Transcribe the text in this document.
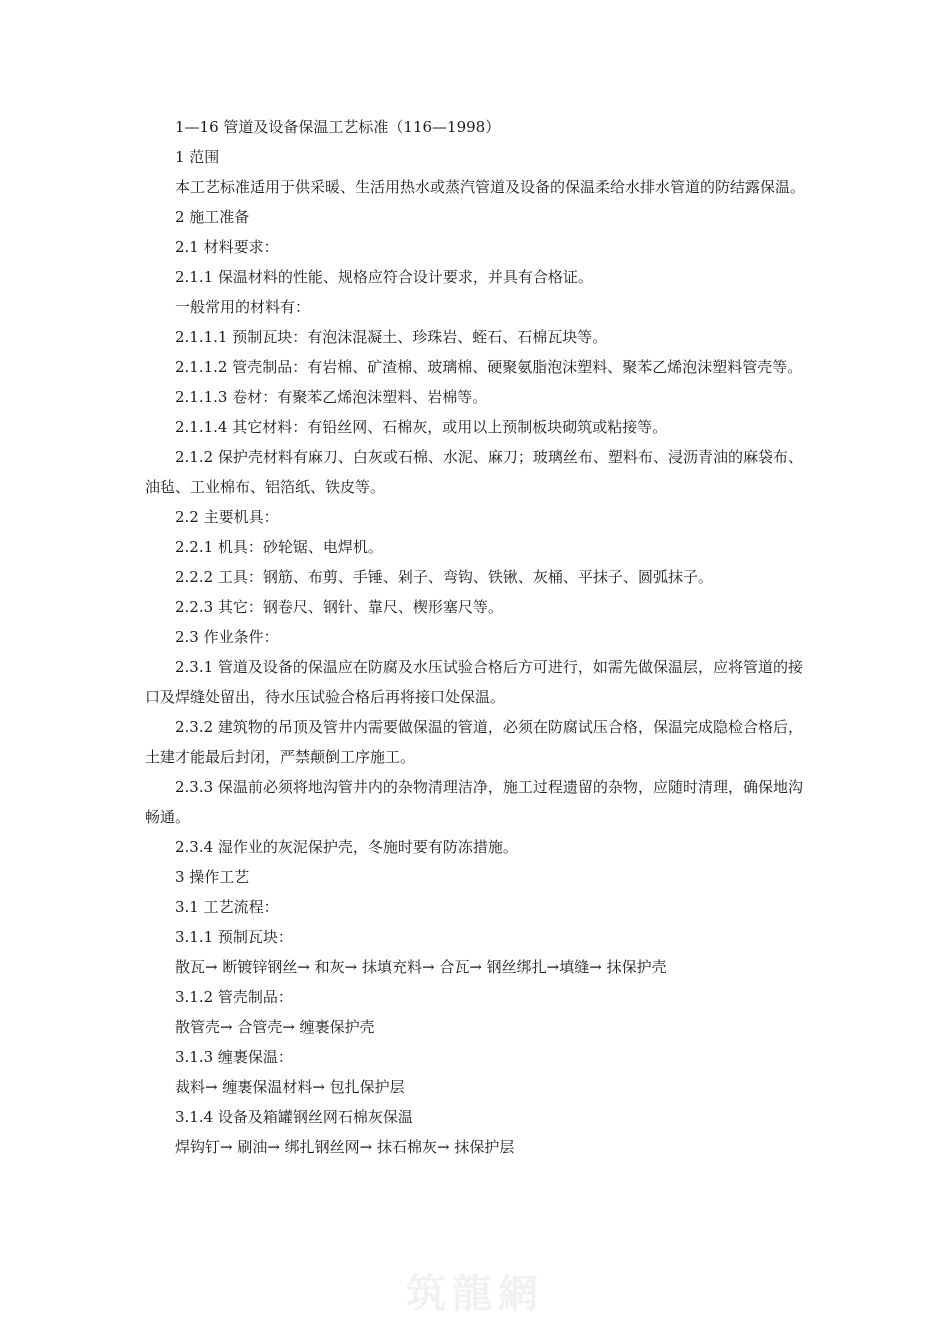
1—16 管道及设备保温工艺标准（116—1998）

1 范围

本工艺标准适用于供采暖、生活用热水或蒸汽管道及设备的保温柔给水排水管道的防结露保温。

2 施工准备

2.1 材料要求：

2.1.1 保温材料的性能、规格应符合设计要求，并具有合格证。

一般常用的材料有：

2.1.1.1 预制瓦块：有泡沫混凝土、珍珠岩、蛭石、石棉瓦块等。

2.1.1.2 管壳制品：有岩棉、矿渣棉、玻璃棉、硬聚氨脂泡沫塑料、聚苯乙烯泡沫塑料管壳等。

2.1.1.3 卷材：有聚苯乙烯泡沫塑料、岩棉等。

2.1.1.4 其它材料：有铅丝网、石棉灰，或用以上预制板块砌筑或粘接等。

2.1.2 保护壳材料有麻刀、白灰或石棉、水泥、麻刀；玻璃丝布、塑料布、浸沥青油的麻袋布、油毡、工业棉布、铝箔纸、铁皮等。

2.2 主要机具：

2.2.1 机具：砂轮锯、电焊机。

2.2.2 工具：钢筋、布剪、手锤、剁子、弯钩、铁锹、灰桶、平抹子、圆弧抹子。

2.2.3 其它：钢卷尺、钢针、靠尺、楔形塞尺等。

2.3 作业条件：

2.3.1 管道及设备的保温应在防腐及水压试验合格后方可进行，如需先做保温层，应将管道的接口及焊缝处留出，待水压试验合格后再将接口处保温。

2.3.2 建筑物的吊顶及管井内需要做保温的管道，必须在防腐试压合格，保温完成隐检合格后，土建才能最后封闭，严禁颠倒工序施工。

2.3.3 保温前必须将地沟管井内的杂物清理洁净，施工过程遗留的杂物，应随时清理，确保地沟畅通。

2.3.4 湿作业的灰泥保护壳，冬施时要有防冻措施。

3 操作工艺

3.1 工艺流程：

3.1.1 预制瓦块：

散瓦→ 断镀锌钢丝→ 和灰→ 抹填充料→ 合瓦→ 钢丝绑扎→填缝→ 抹保护壳

3.1.2 管壳制品：

散管壳→ 合管壳→ 缠裹保护壳

3.1.3 缠裹保温：

裁料→ 缠裹保温材料→ 包扎保护层

3.1.4 设备及箱罐钢丝网石棉灰保温

焊钩钉→ 刷油→ 绑扎钢丝网→ 抹石棉灰→ 抹保护层

筑龍網
